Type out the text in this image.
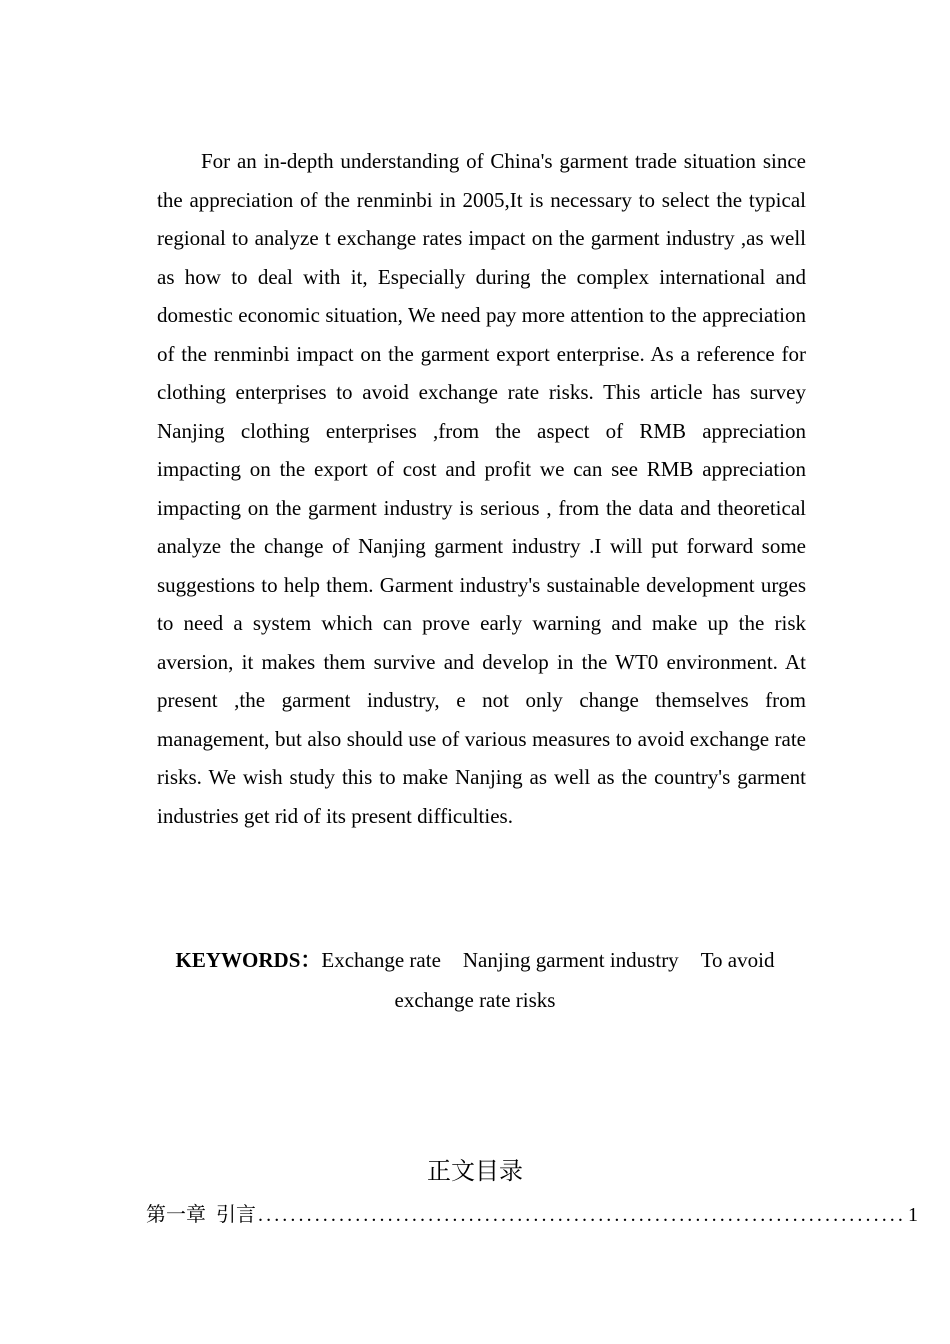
For an in-depth understanding of China's garment trade situation since the appreciation of the renminbi in 2005,It is necessary to select the typical regional to analyze t exchange rates impact on the garment industry ,as well as how to deal with it, Especially during the complex international and domestic economic situation, We need pay more attention to the appreciation of the renminbi impact on the garment export enterprise. As a reference for clothing enterprises to avoid exchange rate risks. This article has survey Nanjing clothing enterprises ,from the aspect of RMB appreciation impacting on the export of cost and profit we can see RMB appreciation impacting on the garment industry is serious , from the data and theoretical analyze the change of Nanjing garment industry .I will put forward some suggestions to help them. Garment industry's sustainable development urges to need a system which can prove early warning and make up the risk aversion, it makes them survive and develop in the WT0 environment. At present ,the garment industry, e not only change themselves from management, but also should use of various measures to avoid exchange rate risks. We wish study this to make Nanjing as well as the country's garment industries get rid of its present difficulties.

KEYWORDS：Exchange rate Nanjing garment industry To avoid exchange rate risks

正文目录
第一章  引言 ................................................................................ 1
